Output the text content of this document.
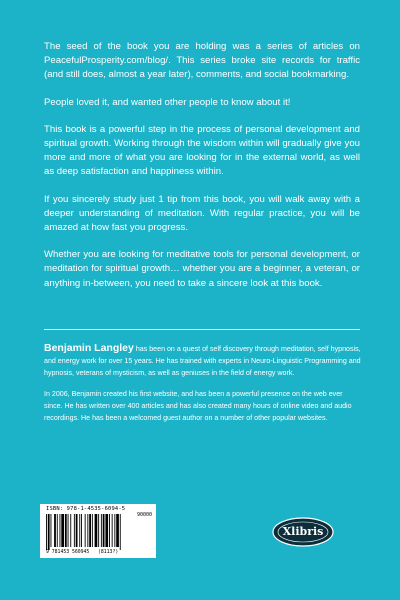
The seed of the book you are holding was a series of articles on PeacefulProsperity.com/blog/. This series broke site records for traffic (and still does, almost a year later), comments, and social bookmarking.

People loved it, and wanted other people to know about it!

This book is a powerful step in the process of personal development and spiritual growth. Working through the wisdom within will gradually give you more and more of what you are looking for in the external world, as well as deep satisfaction and happiness within.

If you sincerely study just 1 tip from this book, you will walk away with a deeper understanding of meditation. With regular practice, you will be amazed at how fast you progress.

Whether you are looking for meditative tools for personal development, or meditation for spiritual growth… whether you are a beginner, a veteran, or anything in-between, you need to take a sincere look at this book.

Benjamin Langley has been on a quest of self discovery through meditation, self hypnosis, and energy work for over 15 years. He has trained with experts in Neuro-Linguistic Programming and hypnosis, veterans of mysticism, as well as geniuses in the field of energy work.

In 2006, Benjamin created his first website, and has been a powerful presence on the web ever since. He has written over 400 articles and has also created many hours of online video and audio recordings. He has been a welcomed guest author on a number of other popular websites.

ISBN: 978-1-4535-6094-5
90000
9 781453 560945 (8113?)
Xlibris
